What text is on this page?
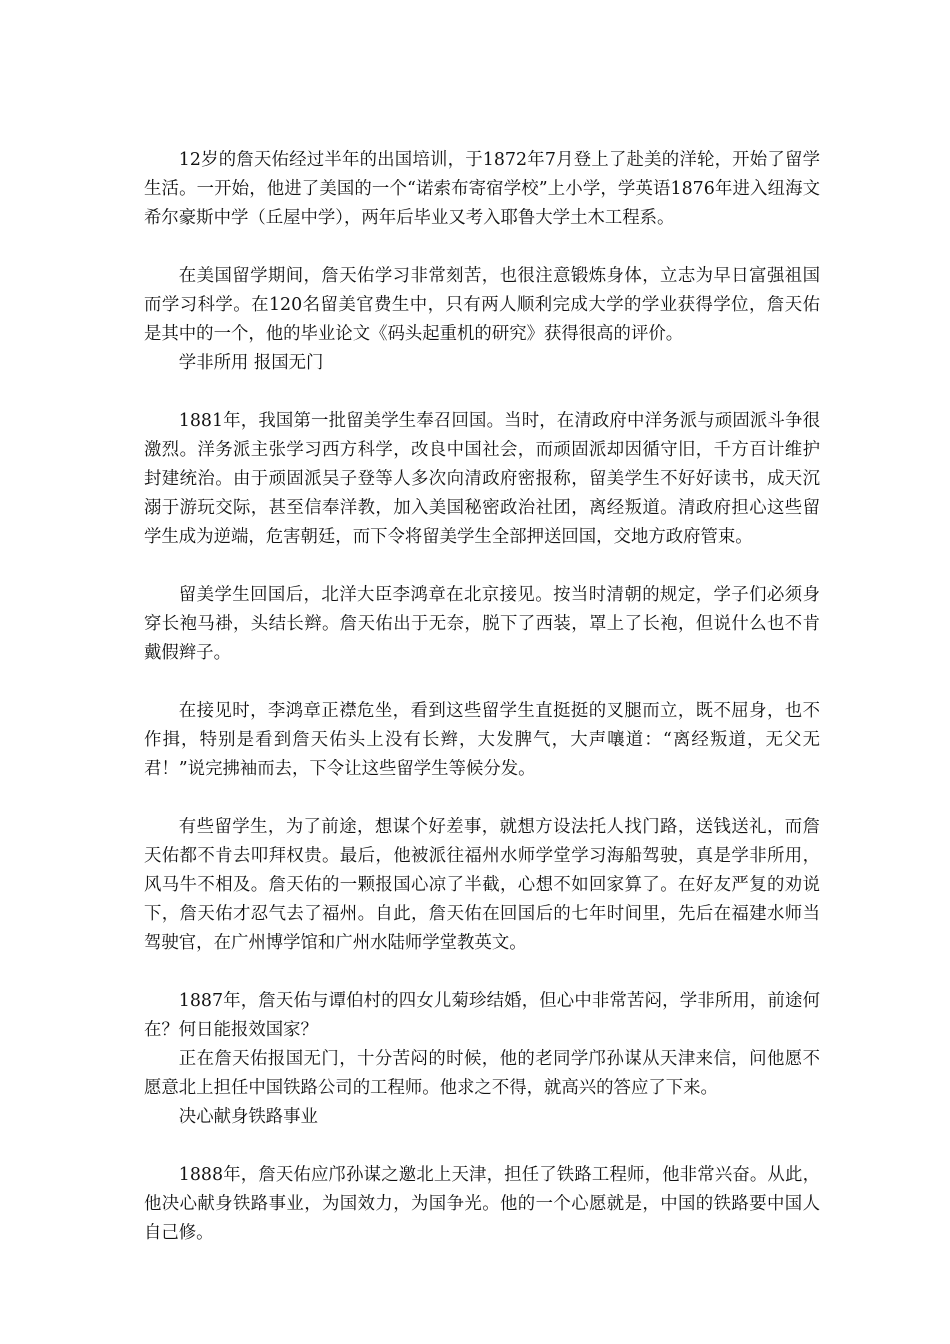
12岁的詹天佑经过半年的出国培训，于1872年7月登上了赴美的洋轮，开始了留学生活。一开始，他进了美国的一个“诺索布寄宿学校”上小学，学英语1876年进入纽海文希尔豪斯中学（丘屋中学），两年后毕业又考入耶鲁大学土木工程系。

在美国留学期间，詹天佑学习非常刻苦，也很注意锻炼身体，立志为早日富强祖国而学习科学。在120名留美官费生中，只有两人顺利完成大学的学业获得学位，詹天佑是其中的一个，他的毕业论文《码头起重机的研究》获得很高的评价。

学非所用 报国无门

1881年，我国第一批留美学生奉召回国。当时，在清政府中洋务派与顽固派斗争很激烈。洋务派主张学习西方科学，改良中国社会，而顽固派却因循守旧，千方百计维护封建统治。由于顽固派吴子登等人多次向清政府密报称，留美学生不好好读书，成天沉溺于游玩交际，甚至信奉洋教，加入美国秘密政治社团，离经叛道。清政府担心这些留学生成为逆端，危害朝廷，而下令将留美学生全部押送回国，交地方政府管束。

留美学生回国后，北洋大臣李鸿章在北京接见。按当时清朝的规定，学子们必须身穿长袍马褂，头结长辫。詹天佑出于无奈，脱下了西装，罩上了长袍，但说什么也不肯戴假辫子。

在接见时，李鸿章正襟危坐，看到这些留学生直挺挺的叉腿而立，既不屈身，也不作揖，特别是看到詹天佑头上没有长辫，大发脾气，大声嚷道：“离经叛道，无父无君！”说完拂袖而去，下令让这些留学生等候分发。

有些留学生，为了前途，想谋个好差事，就想方设法托人找门路，送钱送礼，而詹天佑都不肯去叩拜权贵。最后，他被派往福州水师学堂学习海船驾驶，真是学非所用，风马牛不相及。詹天佑的一颗报国心凉了半截，心想不如回家算了。在好友严复的劝说下，詹天佑才忍气去了福州。自此，詹天佑在回国后的七年时间里，先后在福建水师当驾驶官，在广州博学馆和广州水陆师学堂教英文。

1887年，詹天佑与谭伯村的四女儿菊珍结婚，但心中非常苦闷，学非所用，前途何在？何日能报效国家？

正在詹天佑报国无门，十分苦闷的时候，他的老同学邝孙谋从天津来信，问他愿不愿意北上担任中国铁路公司的工程师。他求之不得，就高兴的答应了下来。

决心献身铁路事业

1888年，詹天佑应邝孙谋之邀北上天津，担任了铁路工程师，他非常兴奋。从此，他决心献身铁路事业，为国效力，为国争光。他的一个心愿就是，中国的铁路要中国人自己修。
